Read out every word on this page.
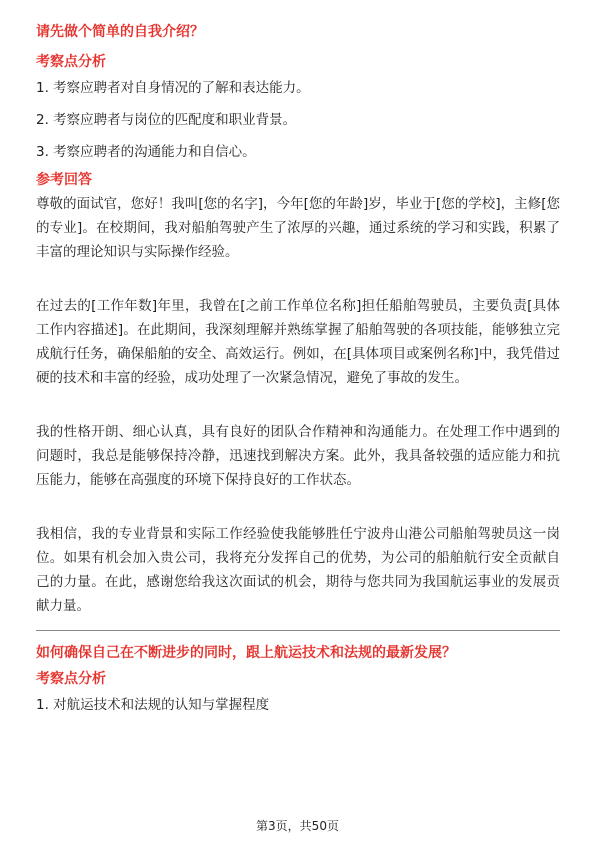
请先做个简单的自我介绍？
考察点分析
1. 考察应聘者对自身情况的了解和表达能力。
2. 考察应聘者与岗位的匹配度和职业背景。
3. 考察应聘者的沟通能力和自信心。
参考回答

尊敬的面试官，您好！我叫[您的名字]，今年[您的年龄]岁，毕业于[您的学校]，主修[您的专业]。在校期间，我对船舶驾驶产生了浓厚的兴趣，通过系统的学习和实践，积累了丰富的理论知识与实际操作经验。

在过去的[工作年数]年里，我曾在[之前工作单位名称]担任船舶驾驶员，主要负责[具体工作内容描述]。在此期间，我深刻理解并熟练掌握了船舶驾驶的各项技能，能够独立完成航行任务，确保船舶的安全、高效运行。例如，在[具体项目或案例名称]中，我凭借过硬的技术和丰富的经验，成功处理了一次紧急情况，避免了事故的发生。

我的性格开朗、细心认真，具有良好的团队合作精神和沟通能力。在处理工作中遇到的问题时，我总是能够保持冷静，迅速找到解决方案。此外，我具备较强的适应能力和抗压能力，能够在高强度的环境下保持良好的工作状态。

我相信，我的专业背景和实际工作经验使我能够胜任宁波舟山港公司船舶驾驶员这一岗位。如果有机会加入贵公司，我将充分发挥自己的优势，为公司的船舶航行安全贡献自己的力量。在此，感谢您给我这次面试的机会，期待与您共同为我国航运事业的发展贡献力量。

如何确保自己在不断进步的同时，跟上航运技术和法规的最新发展？
考察点分析
1. 对航运技术和法规的认知与掌握程度
第3页，共50页
